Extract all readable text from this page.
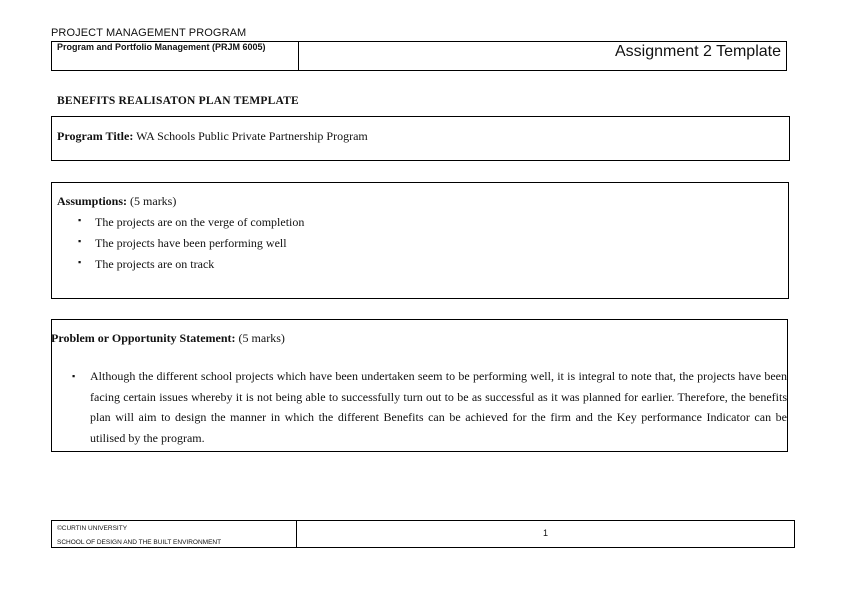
PROJECT MANAGEMENT PROGRAM
Program and Portfolio Management (PRJM 6005)	Assignment 2 Template
BENEFITS REALISATON PLAN TEMPLATE
Program Title: WA Schools Public Private Partnership Program
Assumptions: (5 marks)
▪ The projects are on the verge of completion
▪ The projects have been performing well
▪ The projects are on track
Problem or Opportunity Statement: (5 marks)
▪ Although the different school projects which have been undertaken seem to be performing well, it is integral to note that, the projects have been facing certain issues whereby it is not being able to successfully turn out to be as successful as it was planned for earlier. Therefore, the benefits plan will aim to design the manner in which the different Benefits can be achieved for the firm and the Key performance Indicator can be utilised by the program.
©CURTIN UNIVERSITY
SCHOOL OF DESIGN AND THE BUILT ENVIRONMENT
1
